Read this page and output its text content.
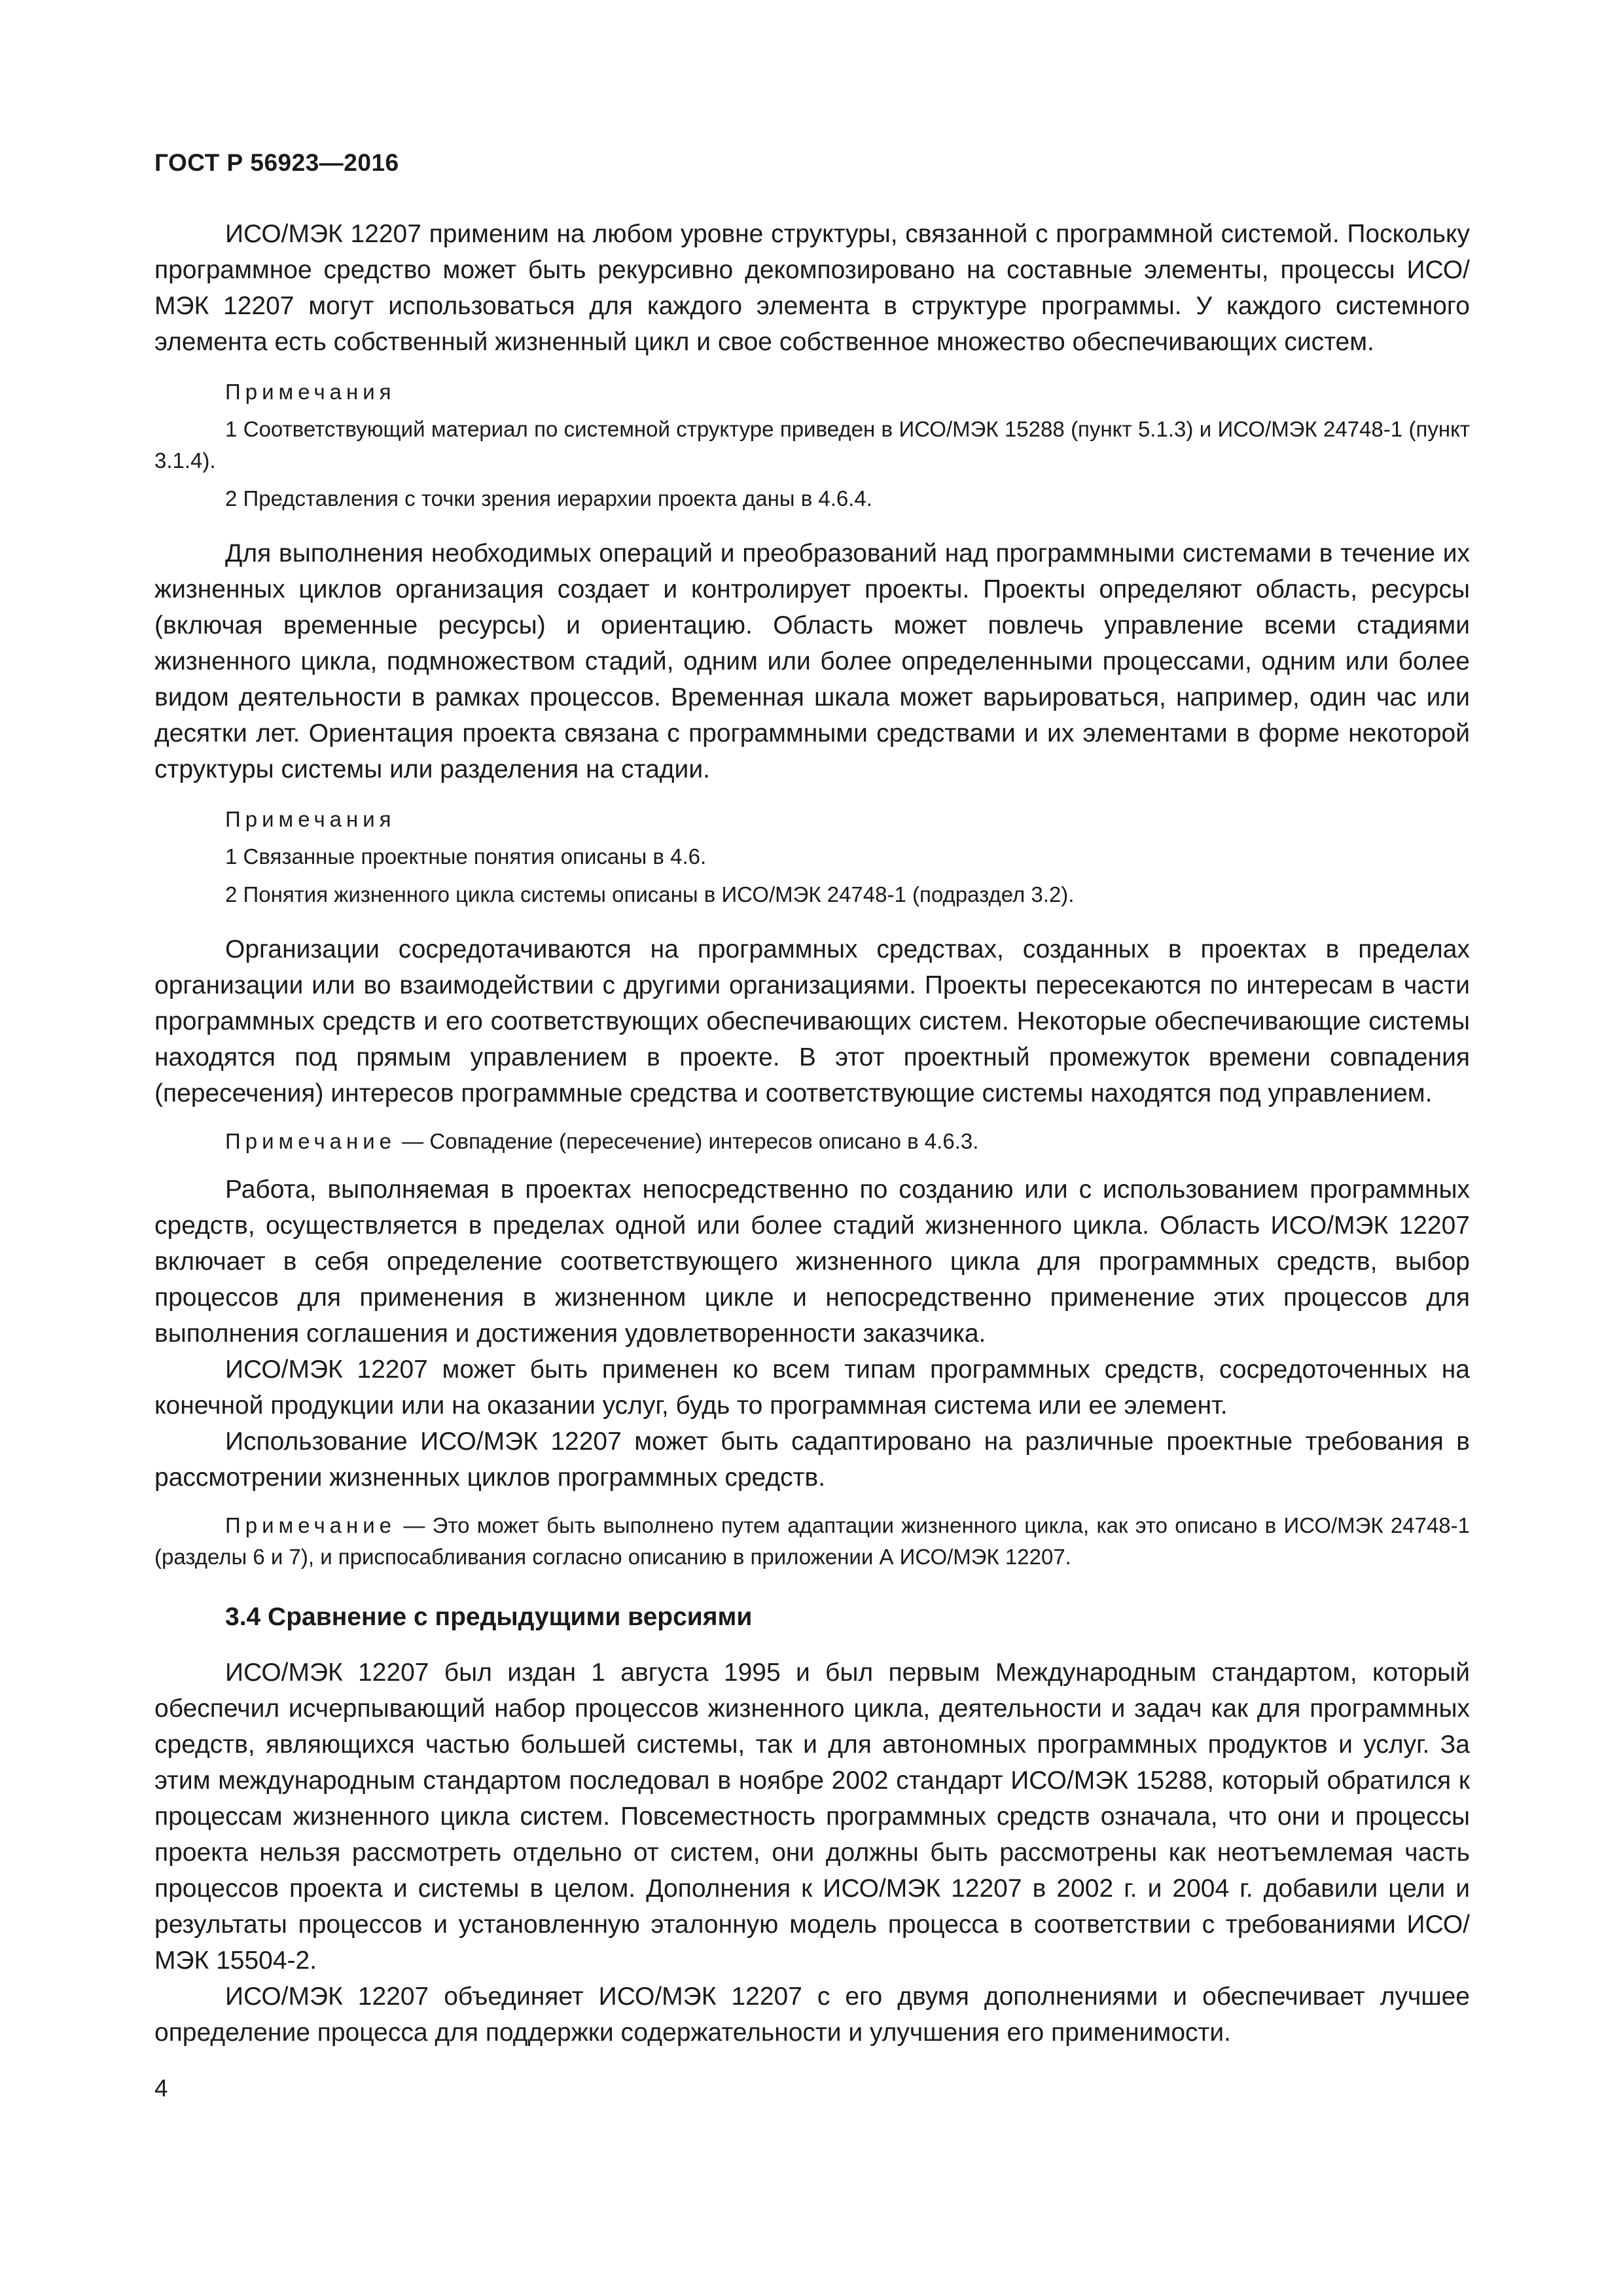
ГОСТ Р 56923—2016

ИСО/МЭК 12207 применим на любом уровне структуры, связанной с программной системой. Поскольку программное средство может быть рекурсивно декомпозировано на составные элементы, процессы ИСО/МЭК 12207 могут использоваться для каждого элемента в структуре программы. У каждого системного элемента есть собственный жизненный цикл и свое собственное множество обеспечивающих систем.

Примечания

1 Соответствующий материал по системной структуре приведен в ИСО/МЭК 15288 (пункт 5.1.3) и ИСО/МЭК 24748-1 (пункт 3.1.4).

2 Представления с точки зрения иерархии проекта даны в 4.6.4.

Для выполнения необходимых операций и преобразований над программными системами в течение их жизненных циклов организация создает и контролирует проекты. Проекты определяют область, ресурсы (включая временные ресурсы) и ориентацию. Область может повлечь управление всеми стадиями жизненного цикла, подмножеством стадий, одним или более определенными процессами, одним или более видом деятельности в рамках процессов. Временная шкала может варьироваться, например, один час или десятки лет. Ориентация проекта связана с программными средствами и их элементами в форме некоторой структуры системы или разделения на стадии.

Примечания

1 Связанные проектные понятия описаны в 4.6.

2 Понятия жизненного цикла системы описаны в ИСО/МЭК 24748-1 (подраздел 3.2).

Организации сосредотачиваются на программных средствах, созданных в проектах в пределах организации или во взаимодействии с другими организациями. Проекты пересекаются по интересам в части программных средств и его соответствующих обеспечивающих систем. Некоторые обеспечивающие системы находятся под прямым управлением в проекте. В этот проектный промежуток времени совпадения (пересечения) интересов программные средства и соответствующие системы находятся под управлением.

Примечание — Совпадение (пересечение) интересов описано в 4.6.3.

Работа, выполняемая в проектах непосредственно по созданию или с использованием программных средств, осуществляется в пределах одной или более стадий жизненного цикла. Область ИСО/МЭК 12207 включает в себя определение соответствующего жизненного цикла для программных средств, выбор процессов для применения в жизненном цикле и непосредственно применение этих процессов для выполнения соглашения и достижения удовлетворенности заказчика.

ИСО/МЭК 12207 может быть применен ко всем типам программных средств, сосредоточенных на конечной продукции или на оказании услуг, будь то программная система или ее элемент.

Использование ИСО/МЭК 12207 может быть садаптировано на различные проектные требования в рассмотрении жизненных циклов программных средств.

Примечание — Это может быть выполнено путем адаптации жизненного цикла, как это описано в ИСО/МЭК 24748-1 (разделы 6 и 7), и приспосабливания согласно описанию в приложении А ИСО/МЭК 12207.

3.4 Сравнение с предыдущими версиями

ИСО/МЭК 12207 был издан 1 августа 1995 и был первым Международным стандартом, который обеспечил исчерпывающий набор процессов жизненного цикла, деятельности и задач как для программных средств, являющихся частью большей системы, так и для автономных программных продуктов и услуг. За этим международным стандартом последовал в ноябре 2002 стандарт ИСО/МЭК 15288, который обратился к процессам жизненного цикла систем. Повсеместность программных средств означала, что они и процессы проекта нельзя рассмотреть отдельно от систем, они должны быть рассмотрены как неотъемлемая часть процессов проекта и системы в целом. Дополнения к ИСО/МЭК 12207 в 2002 г. и 2004 г. добавили цели и результаты процессов и установленную эталонную модель процесса в соответствии с требованиями ИСО/МЭК 15504-2.

ИСО/МЭК 12207 объединяет ИСО/МЭК 12207 с его двумя дополнениями и обеспечивает лучшее определение процесса для поддержки содержательности и улучшения его применимости.

4
